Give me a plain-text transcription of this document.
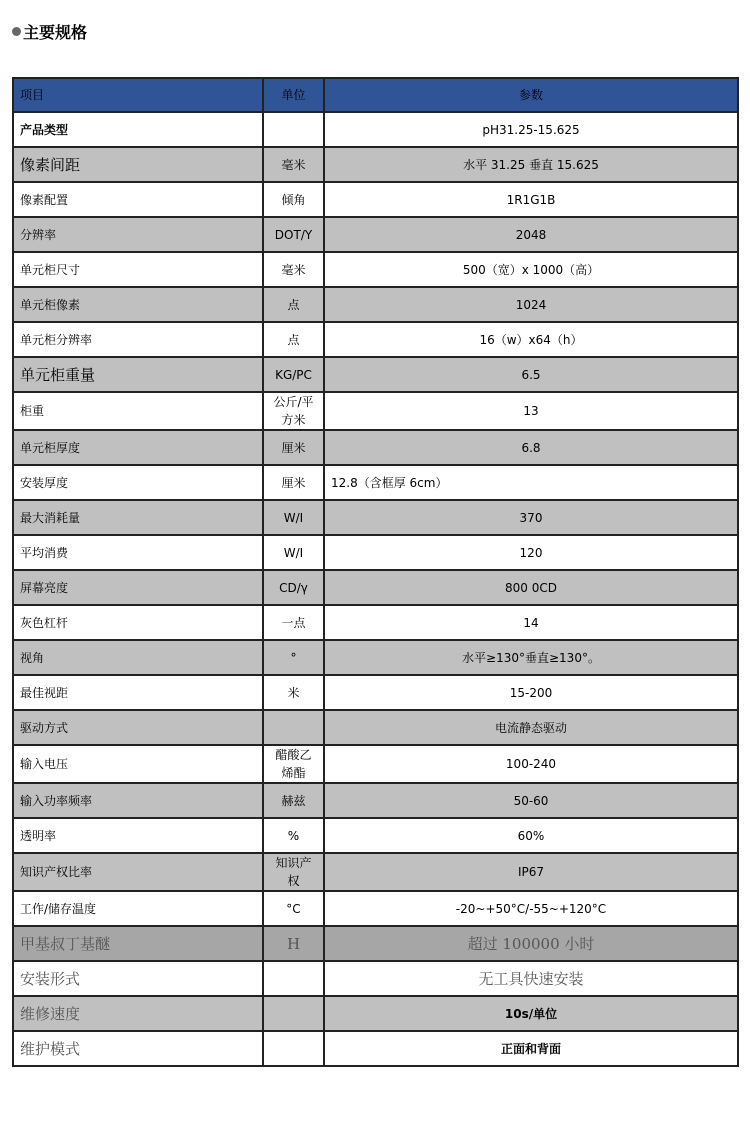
主要规格
项目	单位	参数
产品类型		pH31.25-15.625
像素间距	毫米	水平 31.25 垂直 15.625
像素配置	倾角	1R1G1B
分辨率	DOT/Y	2048
单元柜尺寸	毫米	500（宽）x 1000（高）
单元柜像素	点	1024
单元柜分辨率	点	16（w）x64（h）
单元柜重量	KG/PC	6.5
柜重	公斤/平方米	13
单元柜厚度	厘米	6.8
安装厚度	厘米	12.8（含框厚 6cm）
最大消耗量	W/I	370
平均消费	W/I	120
屏幕亮度	CD/γ	800 0CD
灰色杠杆	一点	14
视角	°	水平≥130°垂直≥130°。
最佳视距	米	15-200
驱动方式		电流静态驱动
输入电压	醋酸乙烯酯	100-240
输入功率频率	赫兹	50-60
透明率	%	60%
知识产权比率	知识产权	IP67
工作/储存温度	°C	-20~+50°C/-55~+120°C
甲基叔丁基醚	H	超过 100000 小时
安装形式		无工具快速安装
维修速度		10s/单位
维护模式		正面和背面
